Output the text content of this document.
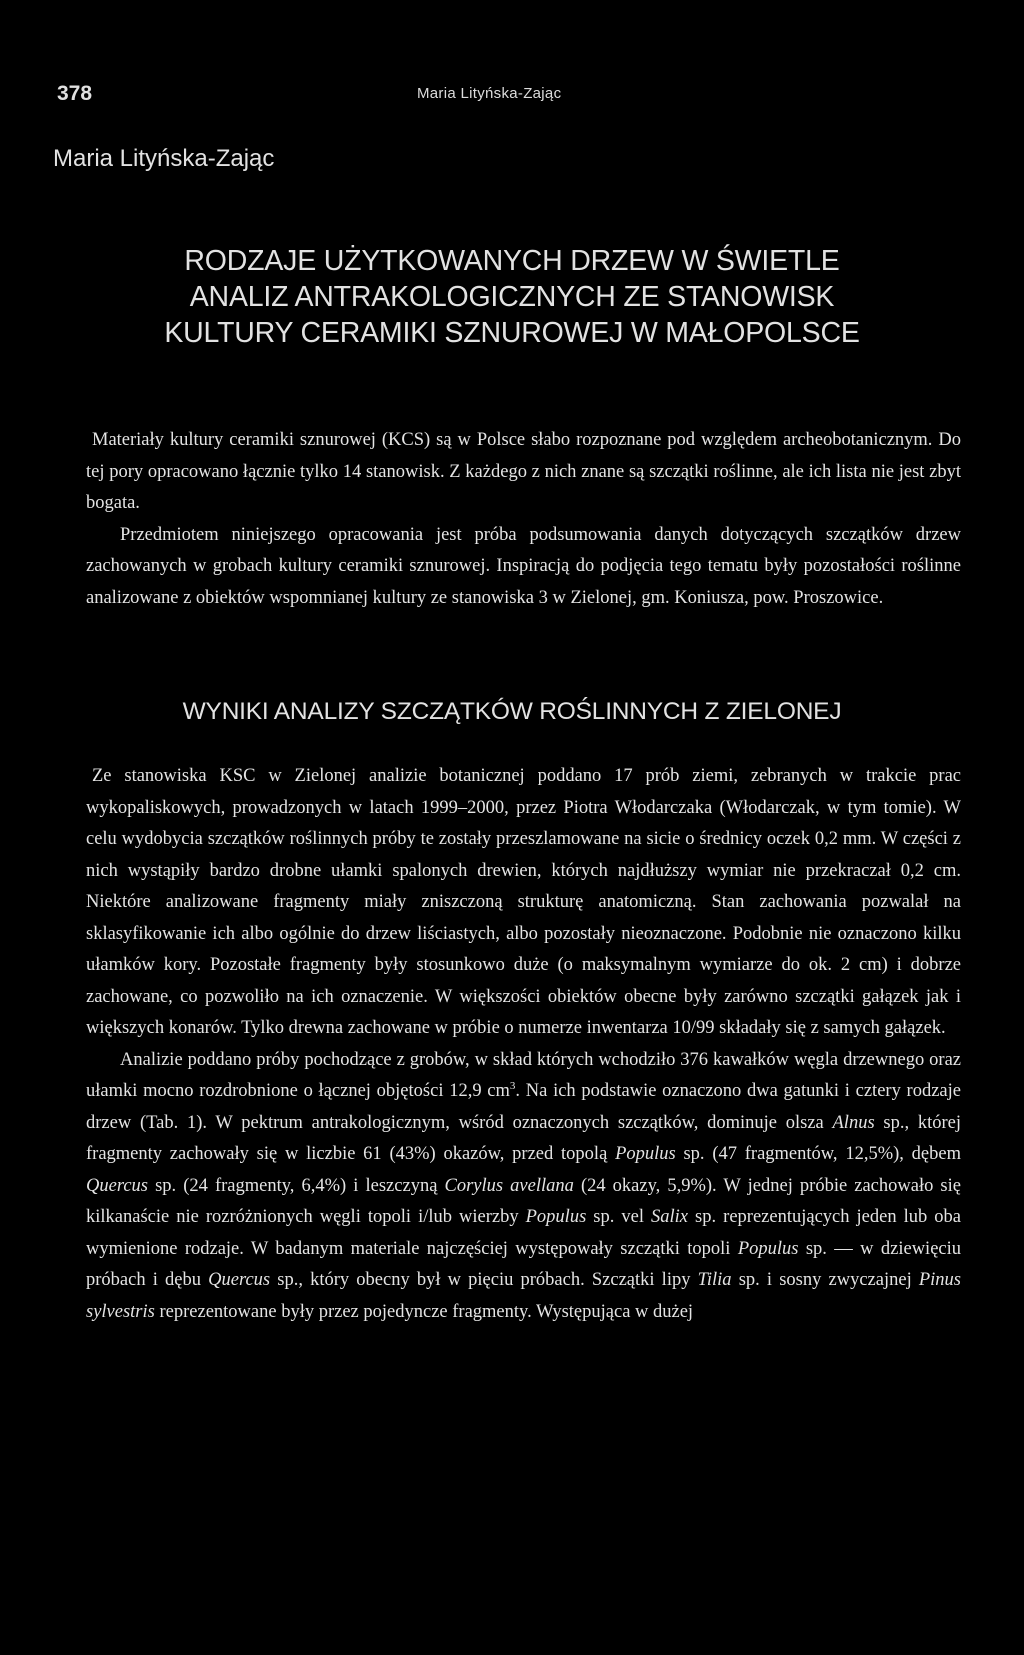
378	Maria Lityńska-Zając
Maria Lityńska-Zając
RODZAJE UŻYTKOWANYCH DRZEW W ŚWIETLE
ANALIZ ANTRAKOLOGICZNYCH ZE STANOWISK
KULTURY CERAMIKI SZNUROWEJ W MAŁOPOLSCE

Materiały kultury ceramiki sznurowej (KCS) są w Polsce słabo rozpoznane pod względem archeobotanicznym. Do tej pory opracowano łącznie tylko 14 stanowisk. Z każdego z nich znane są szczątki roślinne, ale ich lista nie jest zbyt bogata.

Przedmiotem niniejszego opracowania jest próba podsumowania danych dotyczących szczątków drzew zachowanych w grobach kultury ceramiki sznurowej. Inspiracją do podjęcia tego tematu były pozostałości roślinne analizowane z obiektów wspomnianej kultury ze stanowiska 3 w Zielonej, gm. Koniusza, pow. Proszowice.

WYNIKI ANALIZY SZCZĄTKÓW ROŚLINNYCH Z ZIELONEJ

Ze stanowiska KSC w Zielonej analizie botanicznej poddano 17 prób ziemi, zebranych w trakcie prac wykopaliskowych, prowadzonych w latach 1999–2000, przez Piotra Włodarczaka (Włodarczak, w tym tomie). W celu wydobycia szczątków roślinnych próby te zostały przeszlamowane na sicie o średnicy oczek 0,2 mm. W części z nich wystąpiły bardzo drobne ułamki spalonych drewien, których najdłuższy wymiar nie przekraczał 0,2 cm. Niektóre analizowane fragmenty miały zniszczoną strukturę anatomiczną. Stan zachowania pozwalał na sklasyfikowanie ich albo ogólnie do drzew liściastych, albo pozostały nieoznaczone. Podobnie nie oznaczono kilku ułamków kory. Pozostałe fragmenty były stosunkowo duże (o maksymalnym wymiarze do ok. 2 cm) i dobrze zachowane, co pozwoliło na ich oznaczenie. W większości obiektów obecne były zarówno szczątki gałązek jak i większych konarów. Tylko drewna zachowane w próbie o numerze inwentarza 10/99 składały się z samych gałązek.

Analizie poddano próby pochodzące z grobów, w skład których wchodziło 376 kawałków węgla drzewnego oraz ułamki mocno rozdrobnione o łącznej objętości 12,9 $cm^3$. Na ich podstawie oznaczono dwa gatunki i cztery rodzaje drzew (Tab. 1). W pektrum antrakologicznym, wśród oznaczonych szczątków, dominuje olsza Alnus sp., której fragmenty zachowały się w liczbie 61 (43%) okazów, przed topolą Populus sp. (47 fragmentów, 12,5%), dębem Quercus sp. (24 fragmenty, 6,4%) i leszczyną Corylus avellana (24 okazy, 5,9%). W jednej próbie zachowało się kilkanaście nie rozróżnionych węgli topoli i/lub wierzby Populus sp. vel Salix sp. reprezentujących jeden lub oba wymienione rodzaje. W badanym materiale najczęściej występowały szczątki topoli Populus sp. — w dziewięciu próbach i dębu Quercus sp., który obecny był w pięciu próbach. Szczątki lipy Tilia sp. i sosny zwyczajnej Pinus sylvestris reprezentowane były przez pojedyncze fragmenty. Występująca w dużej
